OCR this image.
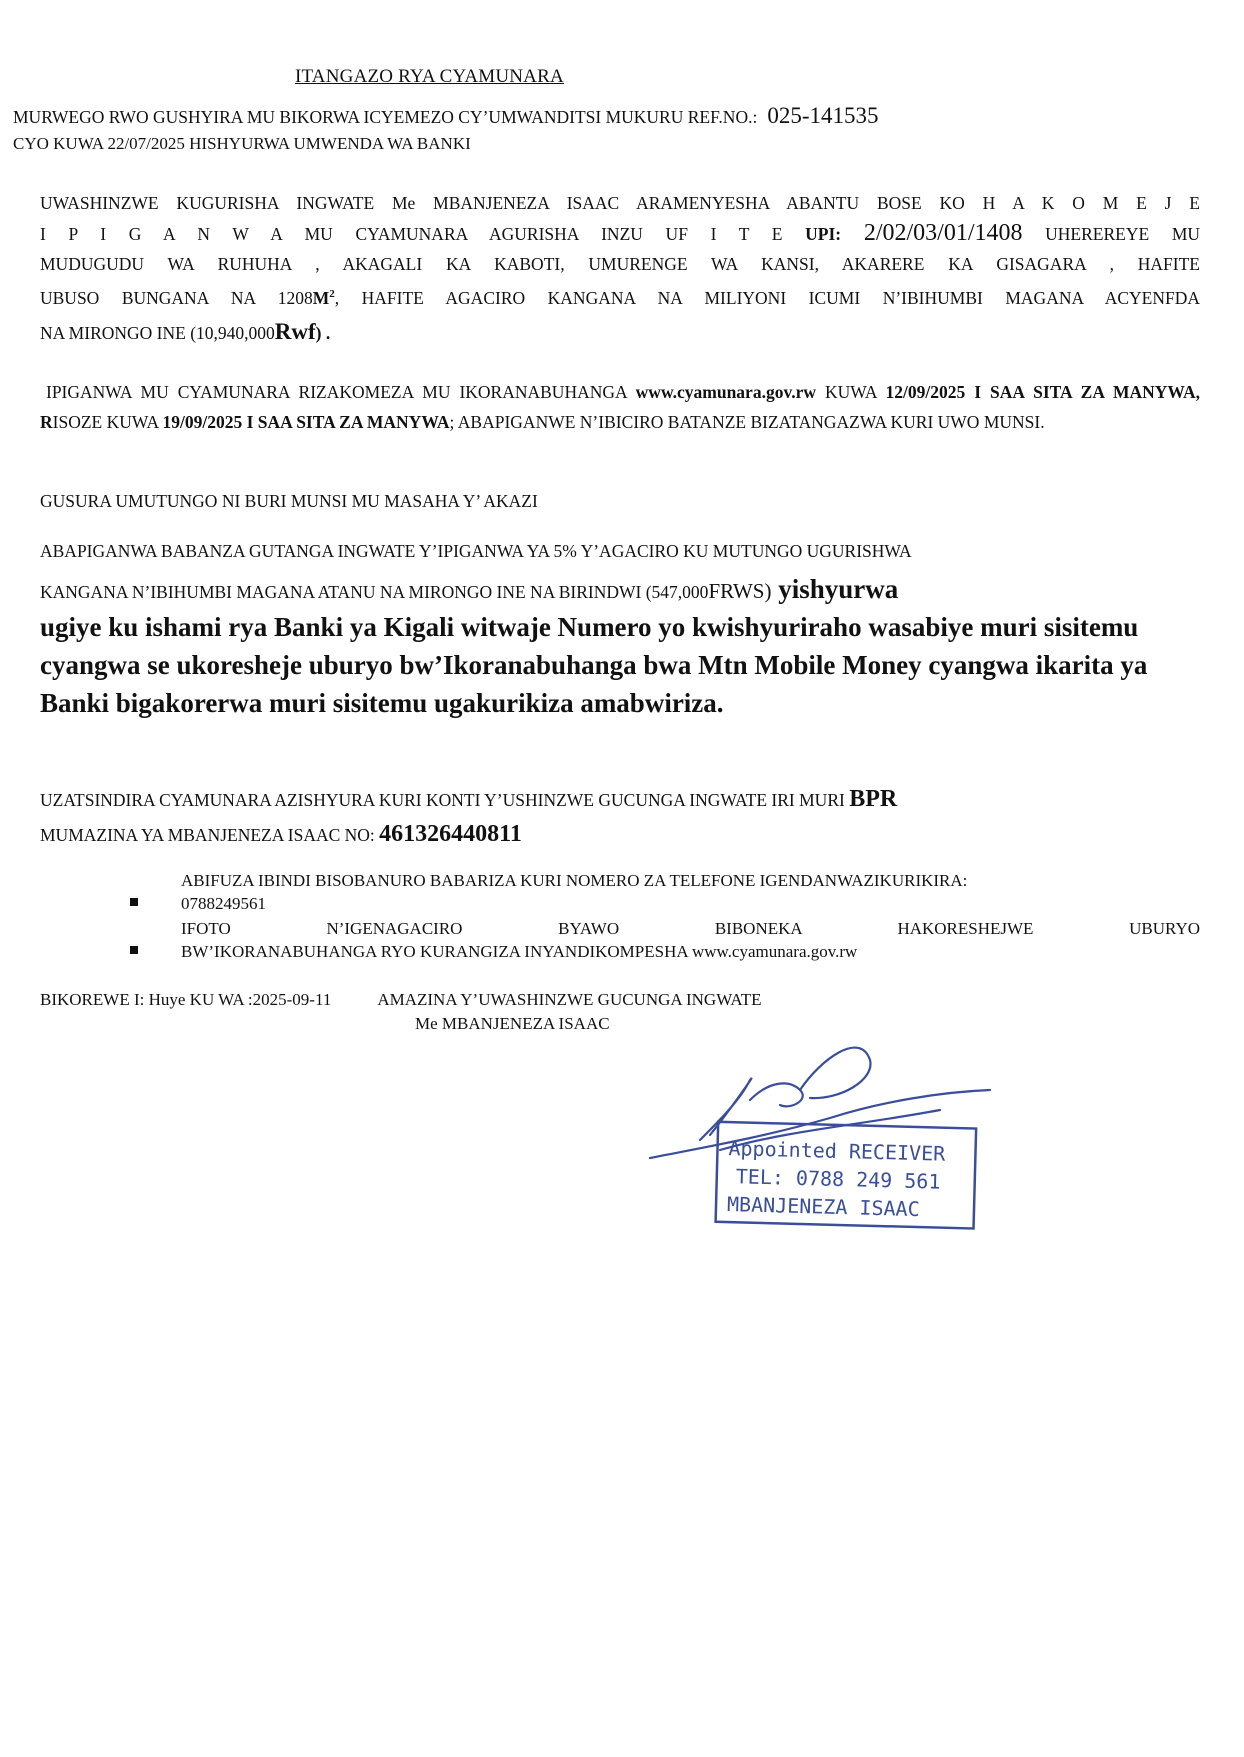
ITANGAZO RYA CYAMUNARA
MURWEGO RWO GUSHYIRA MU BIKORWA ICYEMEZO CY’UMWANDITSI MUKURU REF.NO.: 025-141535
CYO KUWA 22/07/2025 HISHYURWA UMWENDA WA BANKI
UWASHINZWE KUGURISHA INGWATE Me MBANJENEZA ISAAC ARAMENYESHA ABANTU BOSE KO H A K O M E J E
I P I G A N W A MU CYAMUNARA AGURISHA INZU UF I T E UPI: 2/02/03/01/1408 UHEREREYE MU
MUDUGUDU WA RUHUHA , AKAGALI KA KABOTI, UMURENGE WA KANSI, AKARERE KA GISAGARA , HAFITE
UBUSO BUNGANA NA $1208M^2$, HAFITE AGACIRO KANGANA NA MILIYONI ICUMI N’IBIHUMBI MAGANA ACYENFDA
NA MIRONGO INE (10,940,000Rwf) .
IPIGANWA MU CYAMUNARA RIZAKOMEZA MU IKORANABUHANGA www.cyamunara.gov.rw KUWA 12/09/2025 I SAA SITA ZA MANYWA, RISOZE KUWA 19/09/2025 I SAA SITA ZA MANYWA; ABAPIGANWE N’IBICIRO BATANZE BIZATANGAZWA KURI UWO MUNSI.
GUSURA UMUTUNGO NI BURI MUNSI MU MASAHA Y’ AKAZI
ABAPIGANWA BABANZA GUTANGA INGWATE Y’IPIGANWA YA 5% Y’AGACIRO KU MUTUNGO UGURISHWA
KANGANA N’IBIHUMBI MAGANA ATANU NA MIRONGO INE NA BIRINDWI (547,000FRWS) yishyurwa
ugiye ku ishami rya Banki ya Kigali witwaje Numero yo kwishyuriraho wasabiye muri sisitemu cyangwa se ukoresheje uburyo bw’Ikoranabuhanga bwa Mtn Mobile Money cyangwa ikarita ya Banki bigakorerwa muri sisitemu ugakurikiza amabwiriza.
UZATSINDIRA CYAMUNARA AZISHYURA KURI KONTI Y’USHINZWE GUCUNGA INGWATE IRI MURI BPR
MUMAZINA YA MBANJENEZA ISAAC NO: 461326440811
ABIFUZA IBINDI BISOBANURO BABARIZA KURI NOMERO ZA TELEFONE IGENDANWAZIKURIKIRA:
0788249561
IFOTO N’IGENAGACIRO BYAWO BIBONEKA HAKORESHEJWE UBURYO
BW’IKORANABUHANGA RYO KURANGIZA INYANDIKOMPESHA www.cyamunara.gov.rw
BIKOREWE I: Huye KU WA :2025-09-11	AMAZINA Y’UWASHINZWE GUCUNGA INGWATE
Me MBANJENEZA ISAAC
Appointed RECEIVER
TEL: 0788 249 561
MBANJENEZA ISAAC
